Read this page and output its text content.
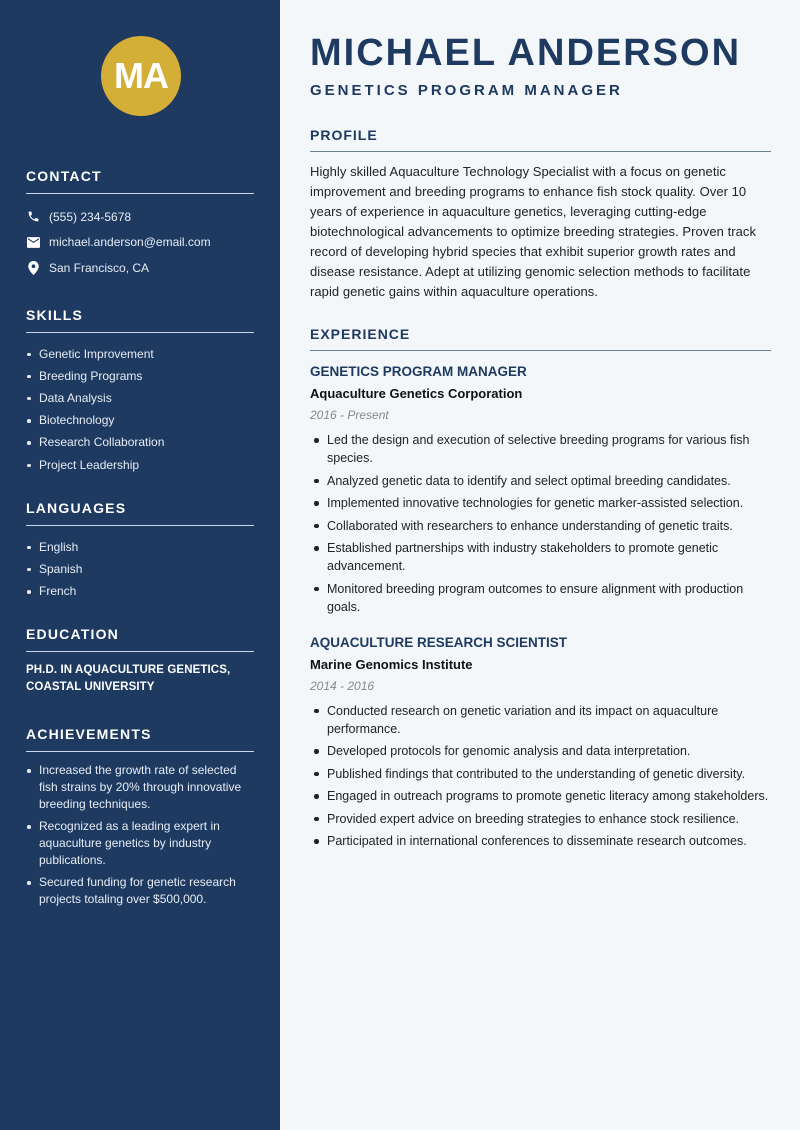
MA
CONTACT
(555) 234-5678
michael.anderson@email.com
San Francisco, CA
SKILLS
Genetic Improvement
Breeding Programs
Data Analysis
Biotechnology
Research Collaboration
Project Leadership
LANGUAGES
English
Spanish
French
EDUCATION

PH.D. IN AQUACULTURE GENETICS, COASTAL UNIVERSITY

ACHIEVEMENTS
Increased the growth rate of selected fish strains by 20% through innovative breeding techniques.
Recognized as a leading expert in aquaculture genetics by industry publications.
Secured funding for genetic research projects totaling over $500,000.
MICHAEL ANDERSON
GENETICS PROGRAM MANAGER
PROFILE

Highly skilled Aquaculture Technology Specialist with a focus on genetic improvement and breeding programs to enhance fish stock quality. Over 10 years of experience in aquaculture genetics, leveraging cutting-edge biotechnological advancements to optimize breeding strategies. Proven track record of developing hybrid species that exhibit superior growth rates and disease resistance. Adept at utilizing genomic selection methods to facilitate rapid genetic gains within aquaculture operations.

EXPERIENCE
GENETICS PROGRAM MANAGER
Aquaculture Genetics Corporation
2016 - Present
Led the design and execution of selective breeding programs for various fish species.
Analyzed genetic data to identify and select optimal breeding candidates.
Implemented innovative technologies for genetic marker-assisted selection.
Collaborated with researchers to enhance understanding of genetic traits.
Established partnerships with industry stakeholders to promote genetic advancement.
Monitored breeding program outcomes to ensure alignment with production goals.
AQUACULTURE RESEARCH SCIENTIST
Marine Genomics Institute
2014 - 2016
Conducted research on genetic variation and its impact on aquaculture performance.
Developed protocols for genomic analysis and data interpretation.
Published findings that contributed to the understanding of genetic diversity.
Engaged in outreach programs to promote genetic literacy among stakeholders.
Provided expert advice on breeding strategies to enhance stock resilience.
Participated in international conferences to disseminate research outcomes.
